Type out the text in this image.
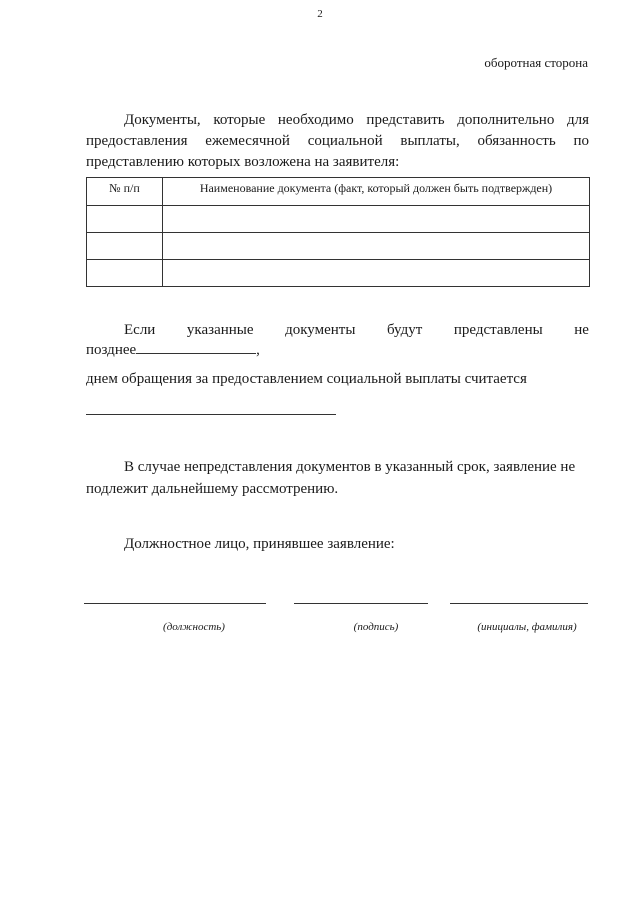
2
оборотная сторона

Документы, которые необходимо представить дополнительно для предоставления ежемесячной социальной выплаты, обязанность по представлению которых возложена на заявителя:

№ п/п	Наименование документа (факт, который должен быть подтвержден)

Если указанные документы будут представлены не
позднее	,
днем обращения за предоставлением социальной выплаты считается

В случае непредставления документов в указанный срок, заявление не подлежит дальнейшему рассмотрению.

Должностное лицо, принявшее заявление:
(должность)	(подпись)	(инициалы, фамилия)
